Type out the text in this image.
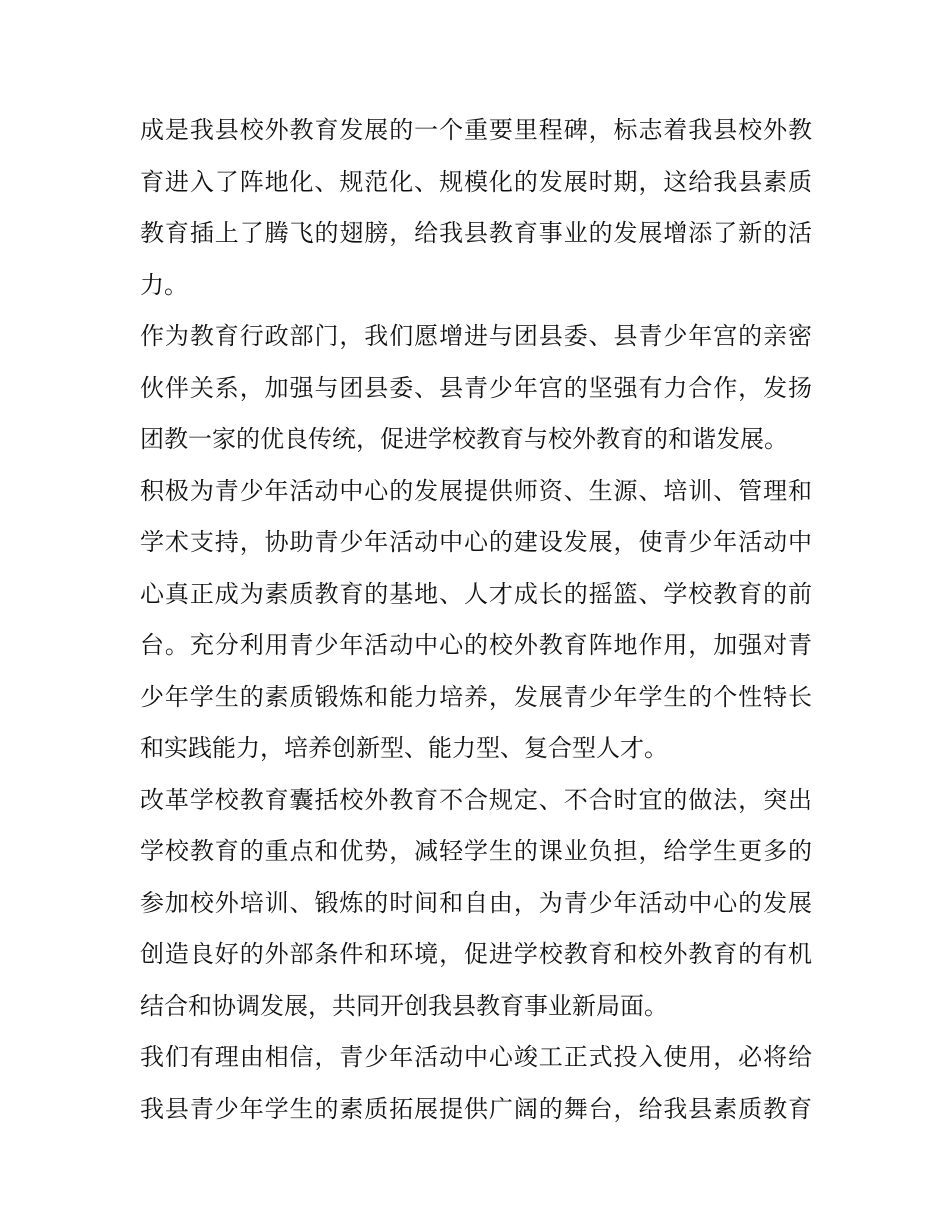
成是我县校外教育发展的一个重要里程碑，标志着我县校外教
育进入了阵地化、规范化、规模化的发展时期，这给我县素质
教育插上了腾飞的翅膀，给我县教育事业的发展增添了新的活
力。
作为教育行政部门，我们愿增进与团县委、县青少年宫的亲密
伙伴关系，加强与团县委、县青少年宫的坚强有力合作，发扬
团教一家的优良传统，促进学校教育与校外教育的和谐发展。
积极为青少年活动中心的发展提供师资、生源、培训、管理和
学术支持，协助青少年活动中心的建设发展，使青少年活动中
心真正成为素质教育的基地、人才成长的摇篮、学校教育的前
台。充分利用青少年活动中心的校外教育阵地作用，加强对青
少年学生的素质锻炼和能力培养，发展青少年学生的个性特长
和实践能力，培养创新型、能力型、复合型人才。
改革学校教育囊括校外教育不合规定、不合时宜的做法，突出
学校教育的重点和优势，减轻学生的课业负担，给学生更多的
参加校外培训、锻炼的时间和自由，为青少年活动中心的发展
创造良好的外部条件和环境，促进学校教育和校外教育的有机
结合和协调发展，共同开创我县教育事业新局面。
我们有理由相信，青少年活动中心竣工正式投入使用，必将给
我县青少年学生的素质拓展提供广阔的舞台，给我县素质教育
